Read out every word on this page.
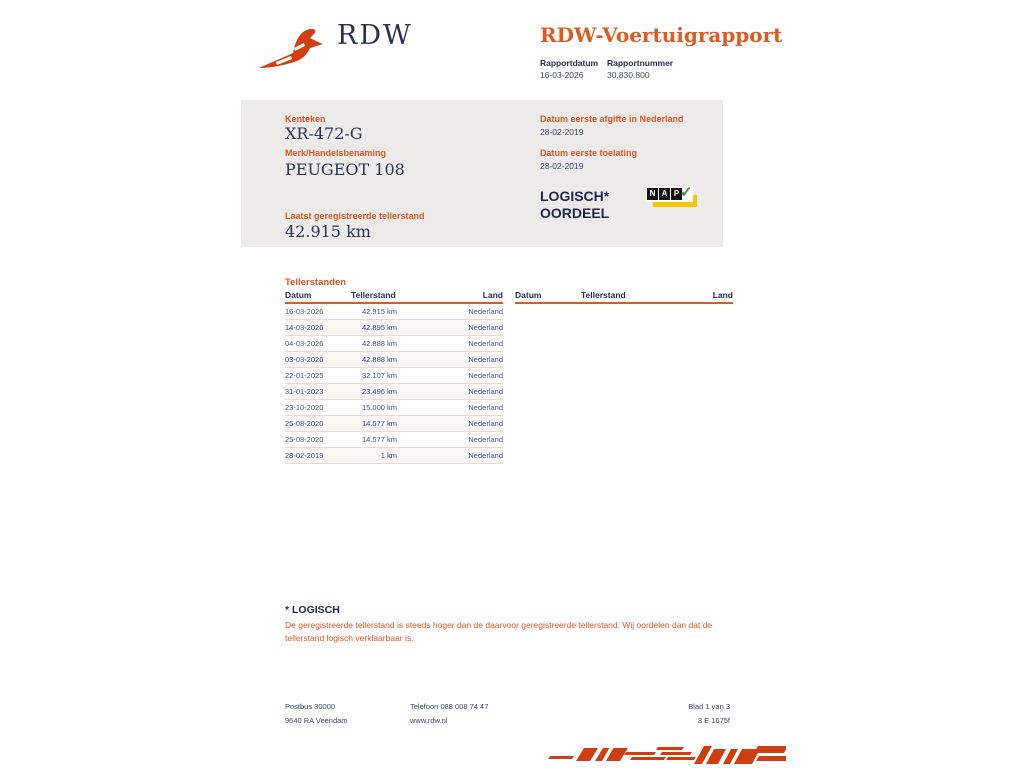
RDW	RDW-Voertuigrapport
Rapportdatum
16-03-2026
Rapportnummer
30.830.800
Kenteken
XR-472-G
Merk/Handelsbenaming
PEUGEOT 108
Laatst geregistreerde tellerstand
42.915 km
Datum eerste afgifte in Nederland
28-02-2019
Datum eerste toelating
28-02-2019
LOGISCH*
OORDEEL
N A P ✓
Tellerstanden
Datum	Tellerstand	Land
16-03-2026	42.915 km	Nederland
14-03-2026	42.895 km	Nederland
04-03-2026	42.888 km	Nederland
03-03-2026	42.888 km	Nederland
22-01-2025	32.107 km	Nederland
31-01-2023	23.496 km	Nederland
23-10-2020	15.000 km	Nederland
25-08-2020	14.577 km	Nederland
25-08-2020	14.577 km	Nederland
28-02-2019	1 km	Nederland
Datum	Tellerstand	Land
* LOGISCH
De geregistreerde tellerstand is steeds hoger dan de daarvoor geregistreerde tellerstand. Wij oordelen dan dat de tellerstand logisch verklaarbaar is.
Postbus 30000
9640 RA Veendam
Telefoon 088 008 74 47
www.rdw.nl
Blad 1 van 3
3 E 1675f
